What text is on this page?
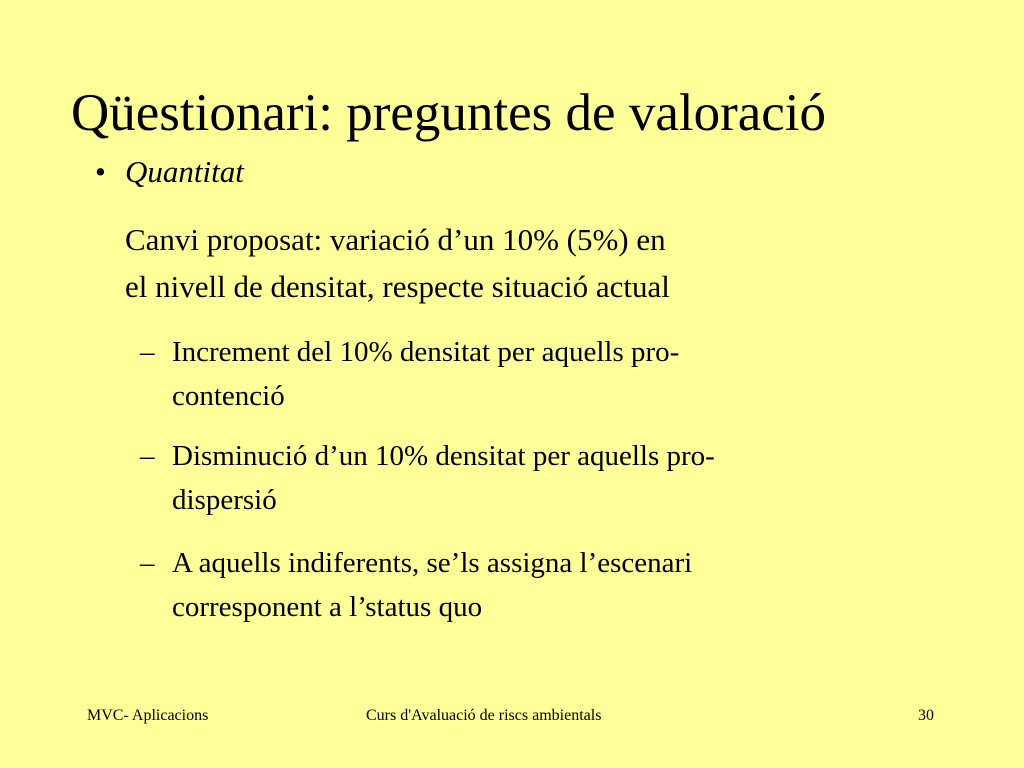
Qüestionari: preguntes de valoració
• Quantitat
Canvi proposat: variació d’un 10% (5%) en
el nivell de densitat, respecte situació actual
– Increment del 10% densitat per aquells pro-
contenció
– Disminució d’un 10% densitat per aquells pro-
dispersió
– A aquells indiferents, se’ls assigna l’escenari
corresponent a l’status quo
MVC- Aplicacions	Curs d'Avaluació de riscs ambientals	30
